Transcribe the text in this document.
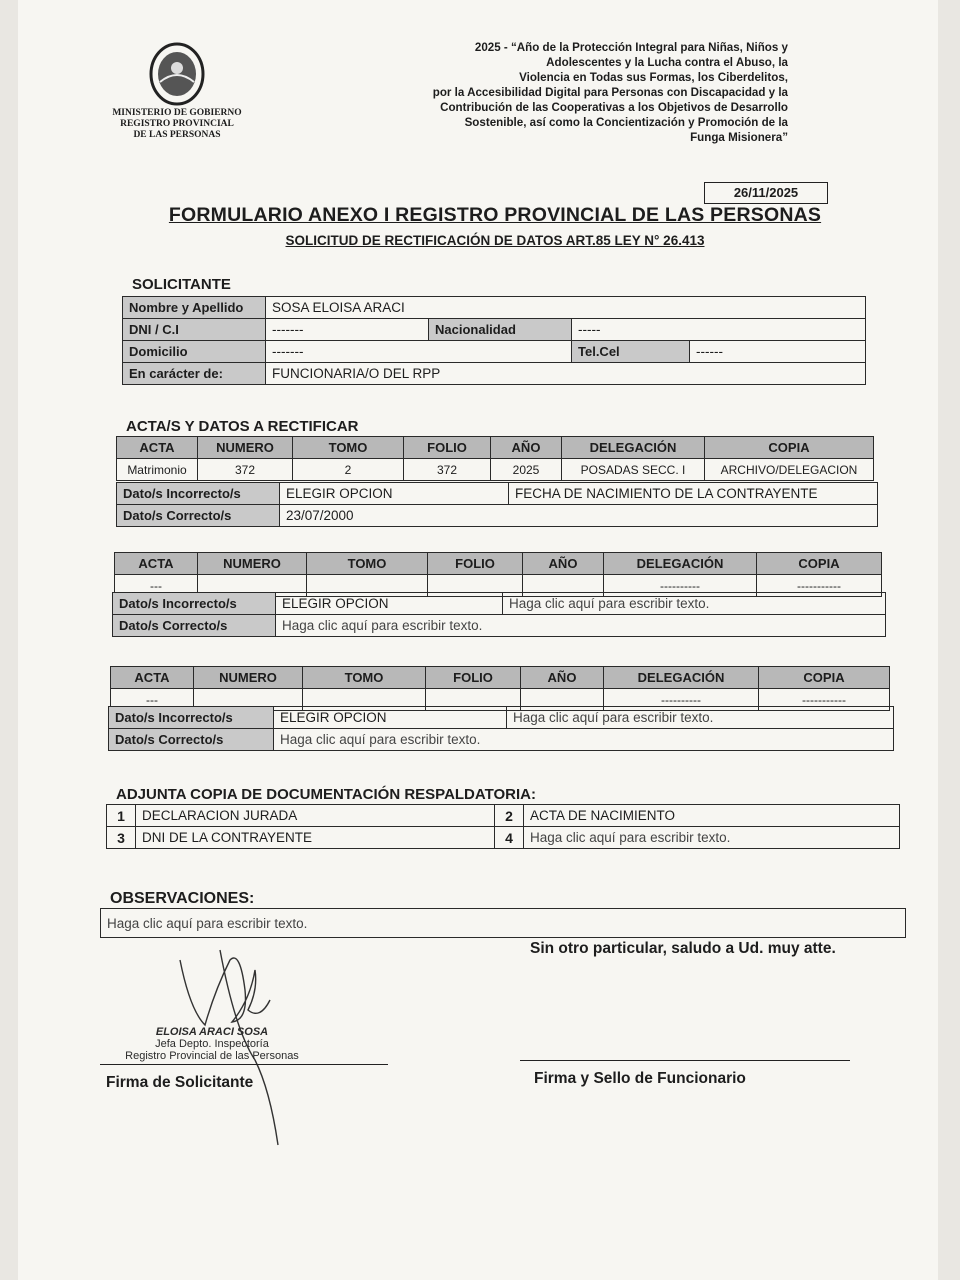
MINISTERIO DE GOBIERNO
REGISTRO PROVINCIAL
DE LAS PERSONAS
2025 - “Año de la Protección Integral para Niñas, Niños y
Adolescentes y la Lucha contra el Abuso, la
Violencia en Todas sus Formas, los Ciberdelitos,
por la Accesibilidad Digital para Personas con Discapacidad y la
Contribución de las Cooperativas a los Objetivos de Desarrollo
Sostenible, así como la Concientización y Promoción de la
Funga Misionera”
26/11/2025
FORMULARIO ANEXO I REGISTRO PROVINCIAL DE LAS PERSONAS
SOLICITUD DE RECTIFICACIÓN DE DATOS ART.85 LEY N° 26.413
SOLICITANTE
Nombre y Apellido	SOSA ELOISA ARACI			
DNI / C.I	-------	Nacionalidad	-----	
Domicilio	-------		Tel.Cel	------
En carácter de:	FUNCIONARIA/O DEL RPP			
ACTA/S Y DATOS A RECTIFICAR
ACTA	NUMERO	TOMO	FOLIO	AÑO	DELEGACIÓN	COPIA
Matrimonio	372	2	372	2025	POSADAS SECC. I	ARCHIVO/DELEGACION
Dato/s Incorrecto/s	ELEGIR OPCION	FECHA DE NACIMIENTO DE LA CONTRAYENTE
Dato/s Correcto/s	23/07/2000	
ACTA	NUMERO	TOMO	FOLIO	AÑO	DELEGACIÓN	COPIA
---					----------	-----------
Dato/s Incorrecto/s	ELEGIR OPCION	Haga clic aquí para escribir texto.
Dato/s Correcto/s	Haga clic aquí para escribir texto.	
ACTA	NUMERO	TOMO	FOLIO	AÑO	DELEGACIÓN	COPIA
---					----------	-----------
Dato/s Incorrecto/s	ELEGIR OPCION	Haga clic aquí para escribir texto.
Dato/s Correcto/s	Haga clic aquí para escribir texto.	
ADJUNTA COPIA DE DOCUMENTACIÓN RESPALDATORIA:
1	DECLARACION JURADA	2	ACTA DE NACIMIENTO
3	DNI DE LA CONTRAYENTE	4	Haga clic aquí para escribir texto.
OBSERVACIONES:
Haga clic aquí para escribir texto.
Sin otro particular, saludo a Ud. muy atte.
ELOISA ARACI SOSA
Jefa Depto. Inspectoría
Registro Provincial de las Personas
Firma de Solicitante	Firma y Sello de Funcionario
